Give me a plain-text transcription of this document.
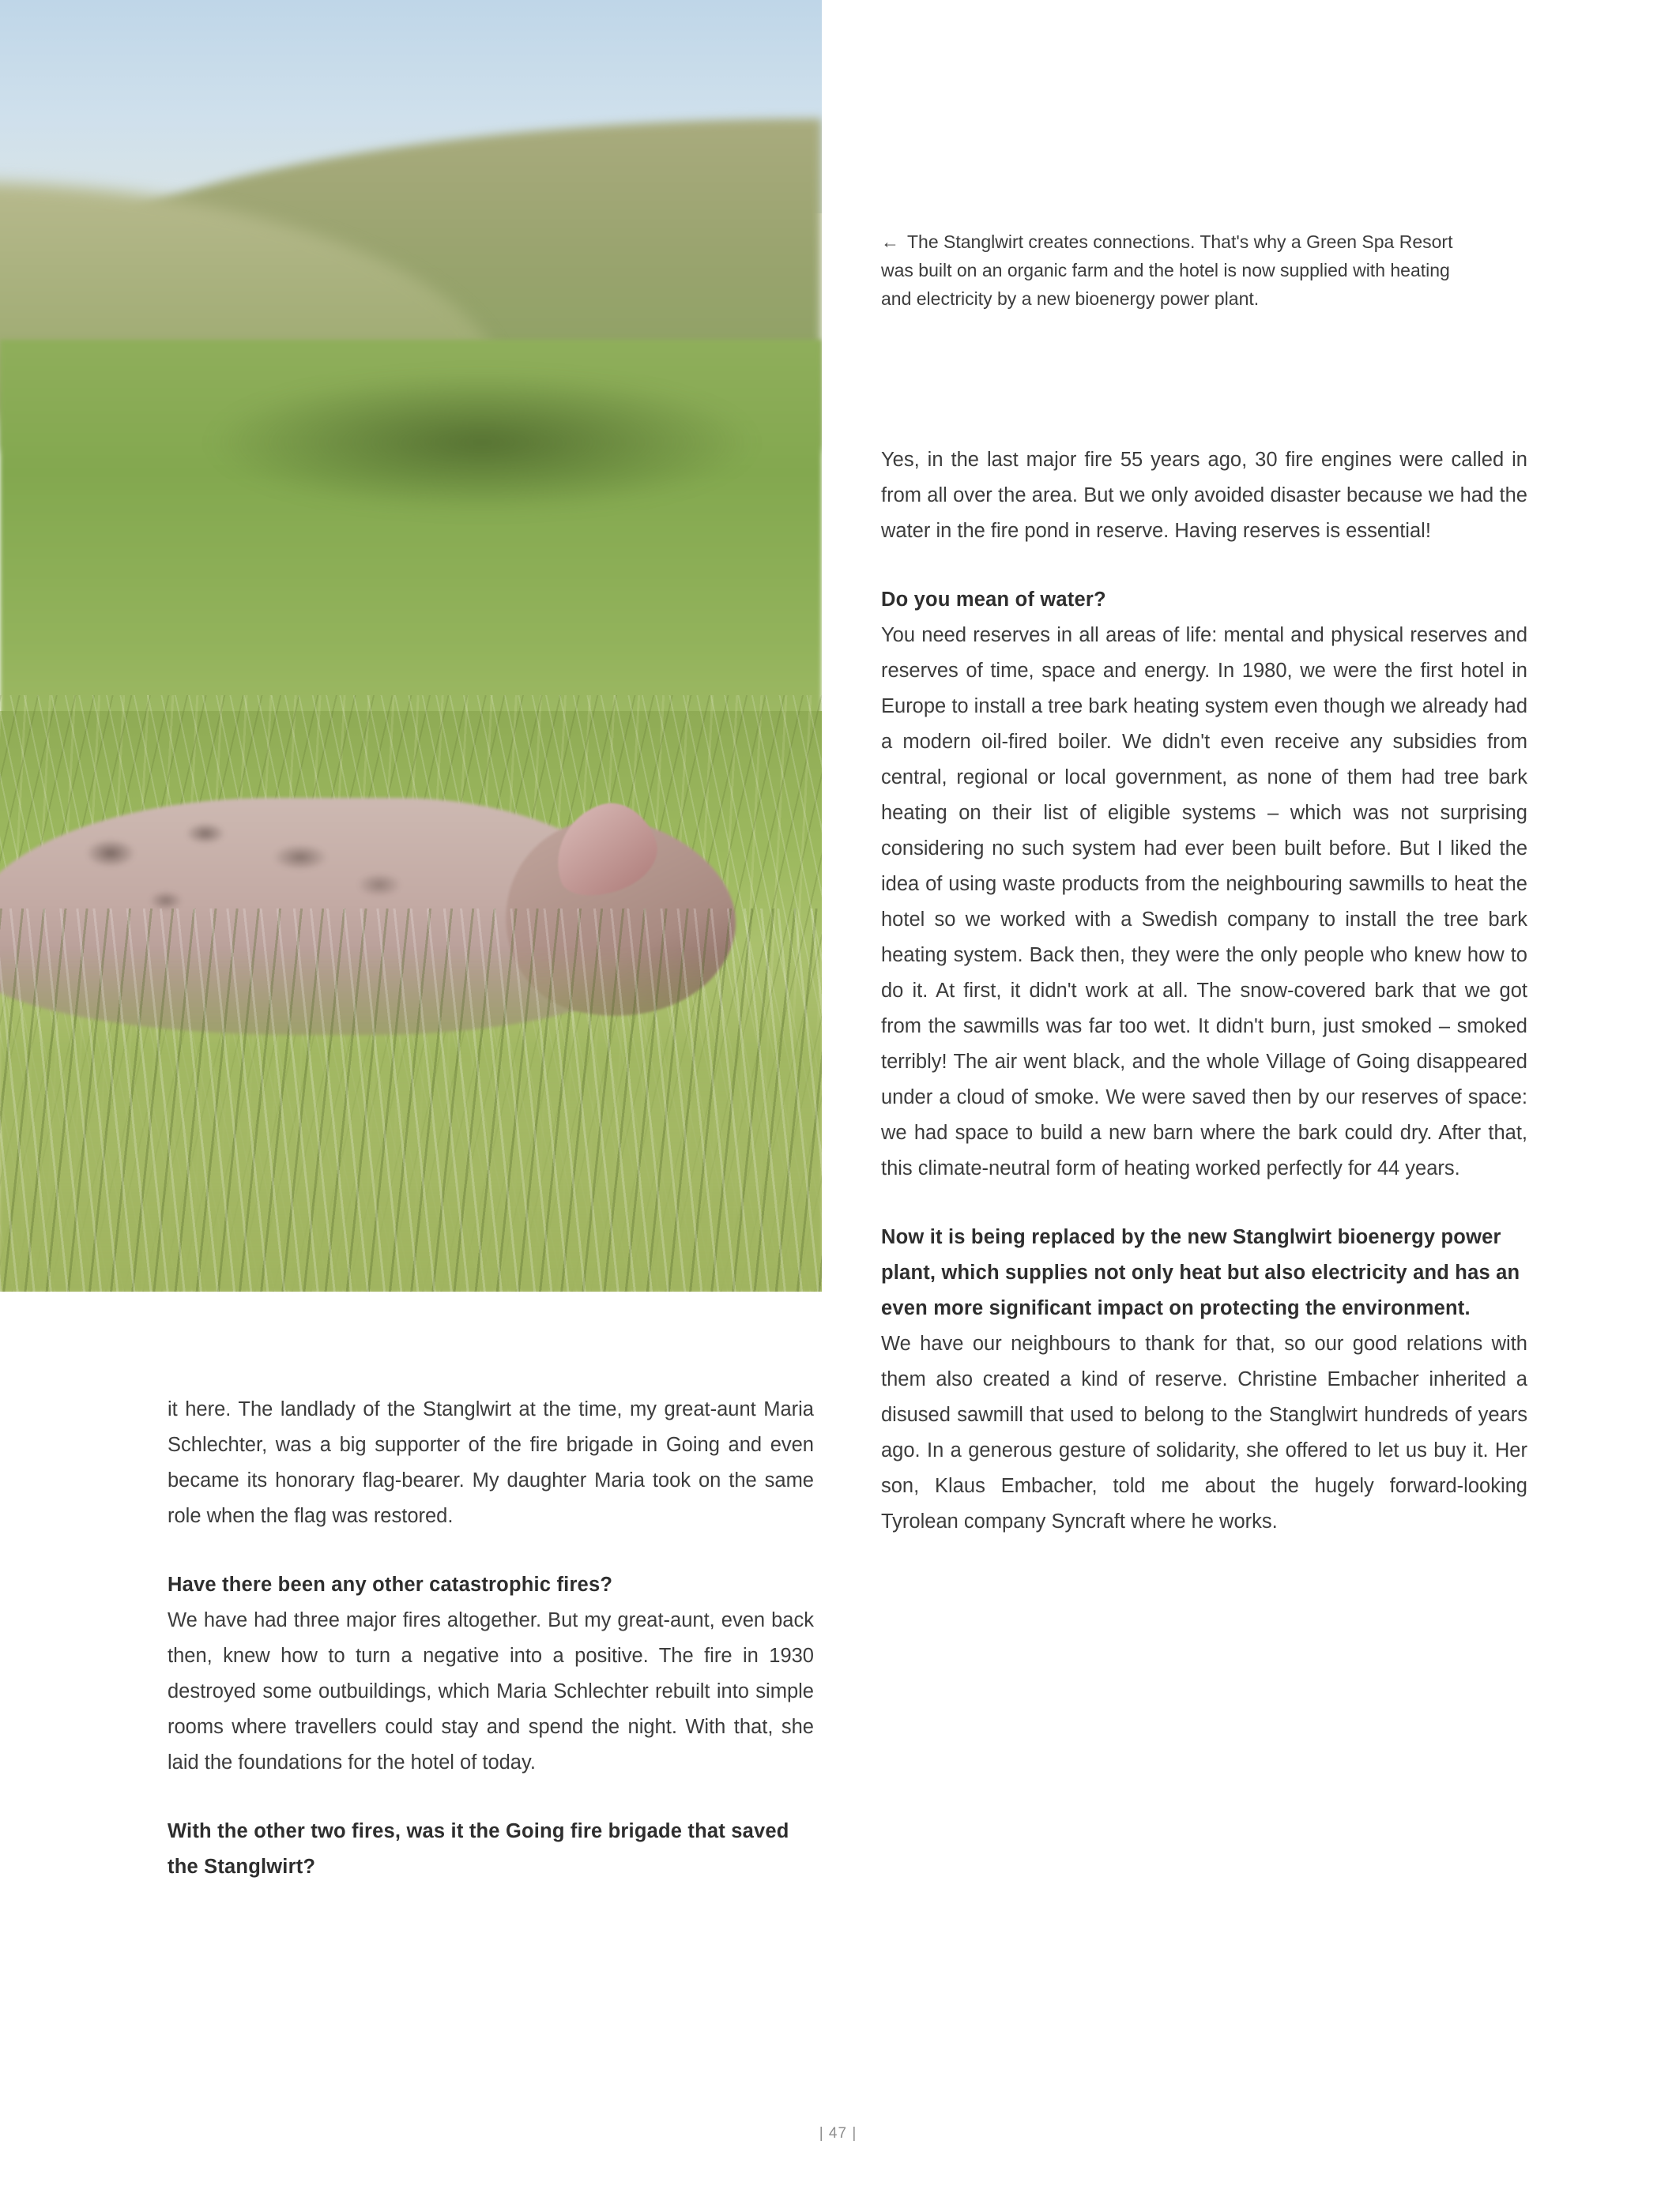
← The Stanglwirt creates connections. That's why a Green Spa Resort was built on an organic farm and the hotel is now supplied with heating and electricity by a new bioenergy power plant.

it here. The landlady of the Stanglwirt at the time, my great-aunt Maria Schlechter, was a big supporter of the fire brigade in Going and even became its honorary flag-bearer. My daughter Maria took on the same role when the flag was restored.

Have there been any other catastrophic fires?

We have had three major fires altogether. But my great-aunt, even back then, knew how to turn a negative into a positive. The fire in 1930 destroyed some outbuildings, which Maria Schlechter rebuilt into simple rooms where travellers could stay and spend the night. With that, she laid the foundations for the hotel of today.

With the other two fires, was it the Going fire brigade that saved the Stanglwirt?

Yes, in the last major fire 55 years ago, 30 fire engines were called in from all over the area. But we only avoided disaster because we had the water in the fire pond in reserve. Having reserves is essential!

Do you mean of water?

You need reserves in all areas of life: mental and physical reserves and reserves of time, space and energy. In 1980, we were the first hotel in Europe to install a tree bark heating system even though we already had a modern oil-fired boiler. We didn't even receive any subsidies from central, regional or local government, as none of them had tree bark heating on their list of eligible systems – which was not surprising considering no such system had ever been built before. But I liked the idea of using waste products from the neighbouring sawmills to heat the hotel so we worked with a Swedish company to install the tree bark heating system. Back then, they were the only people who knew how to do it. At first, it didn't work at all. The snow-covered bark that we got from the sawmills was far too wet. It didn't burn, just smoked – smoked terribly! The air went black, and the whole Village of Going disappeared under a cloud of smoke. We were saved then by our reserves of space: we had space to build a new barn where the bark could dry. After that, this climate-neutral form of heating worked perfectly for 44 years.

Now it is being replaced by the new Stanglwirt bioenergy power plant, which supplies not only heat but also electricity and has an even more significant impact on protecting the environment.

We have our neighbours to thank for that, so our good relations with them also created a kind of reserve. Christine Embacher inherited a disused sawmill that used to belong to the Stanglwirt hundreds of years ago. In a generous gesture of solidarity, she offered to let us buy it. Her son, Klaus Embacher, told me about the hugely forward-looking Tyrolean company Syncraft where he works.

| 47 |
